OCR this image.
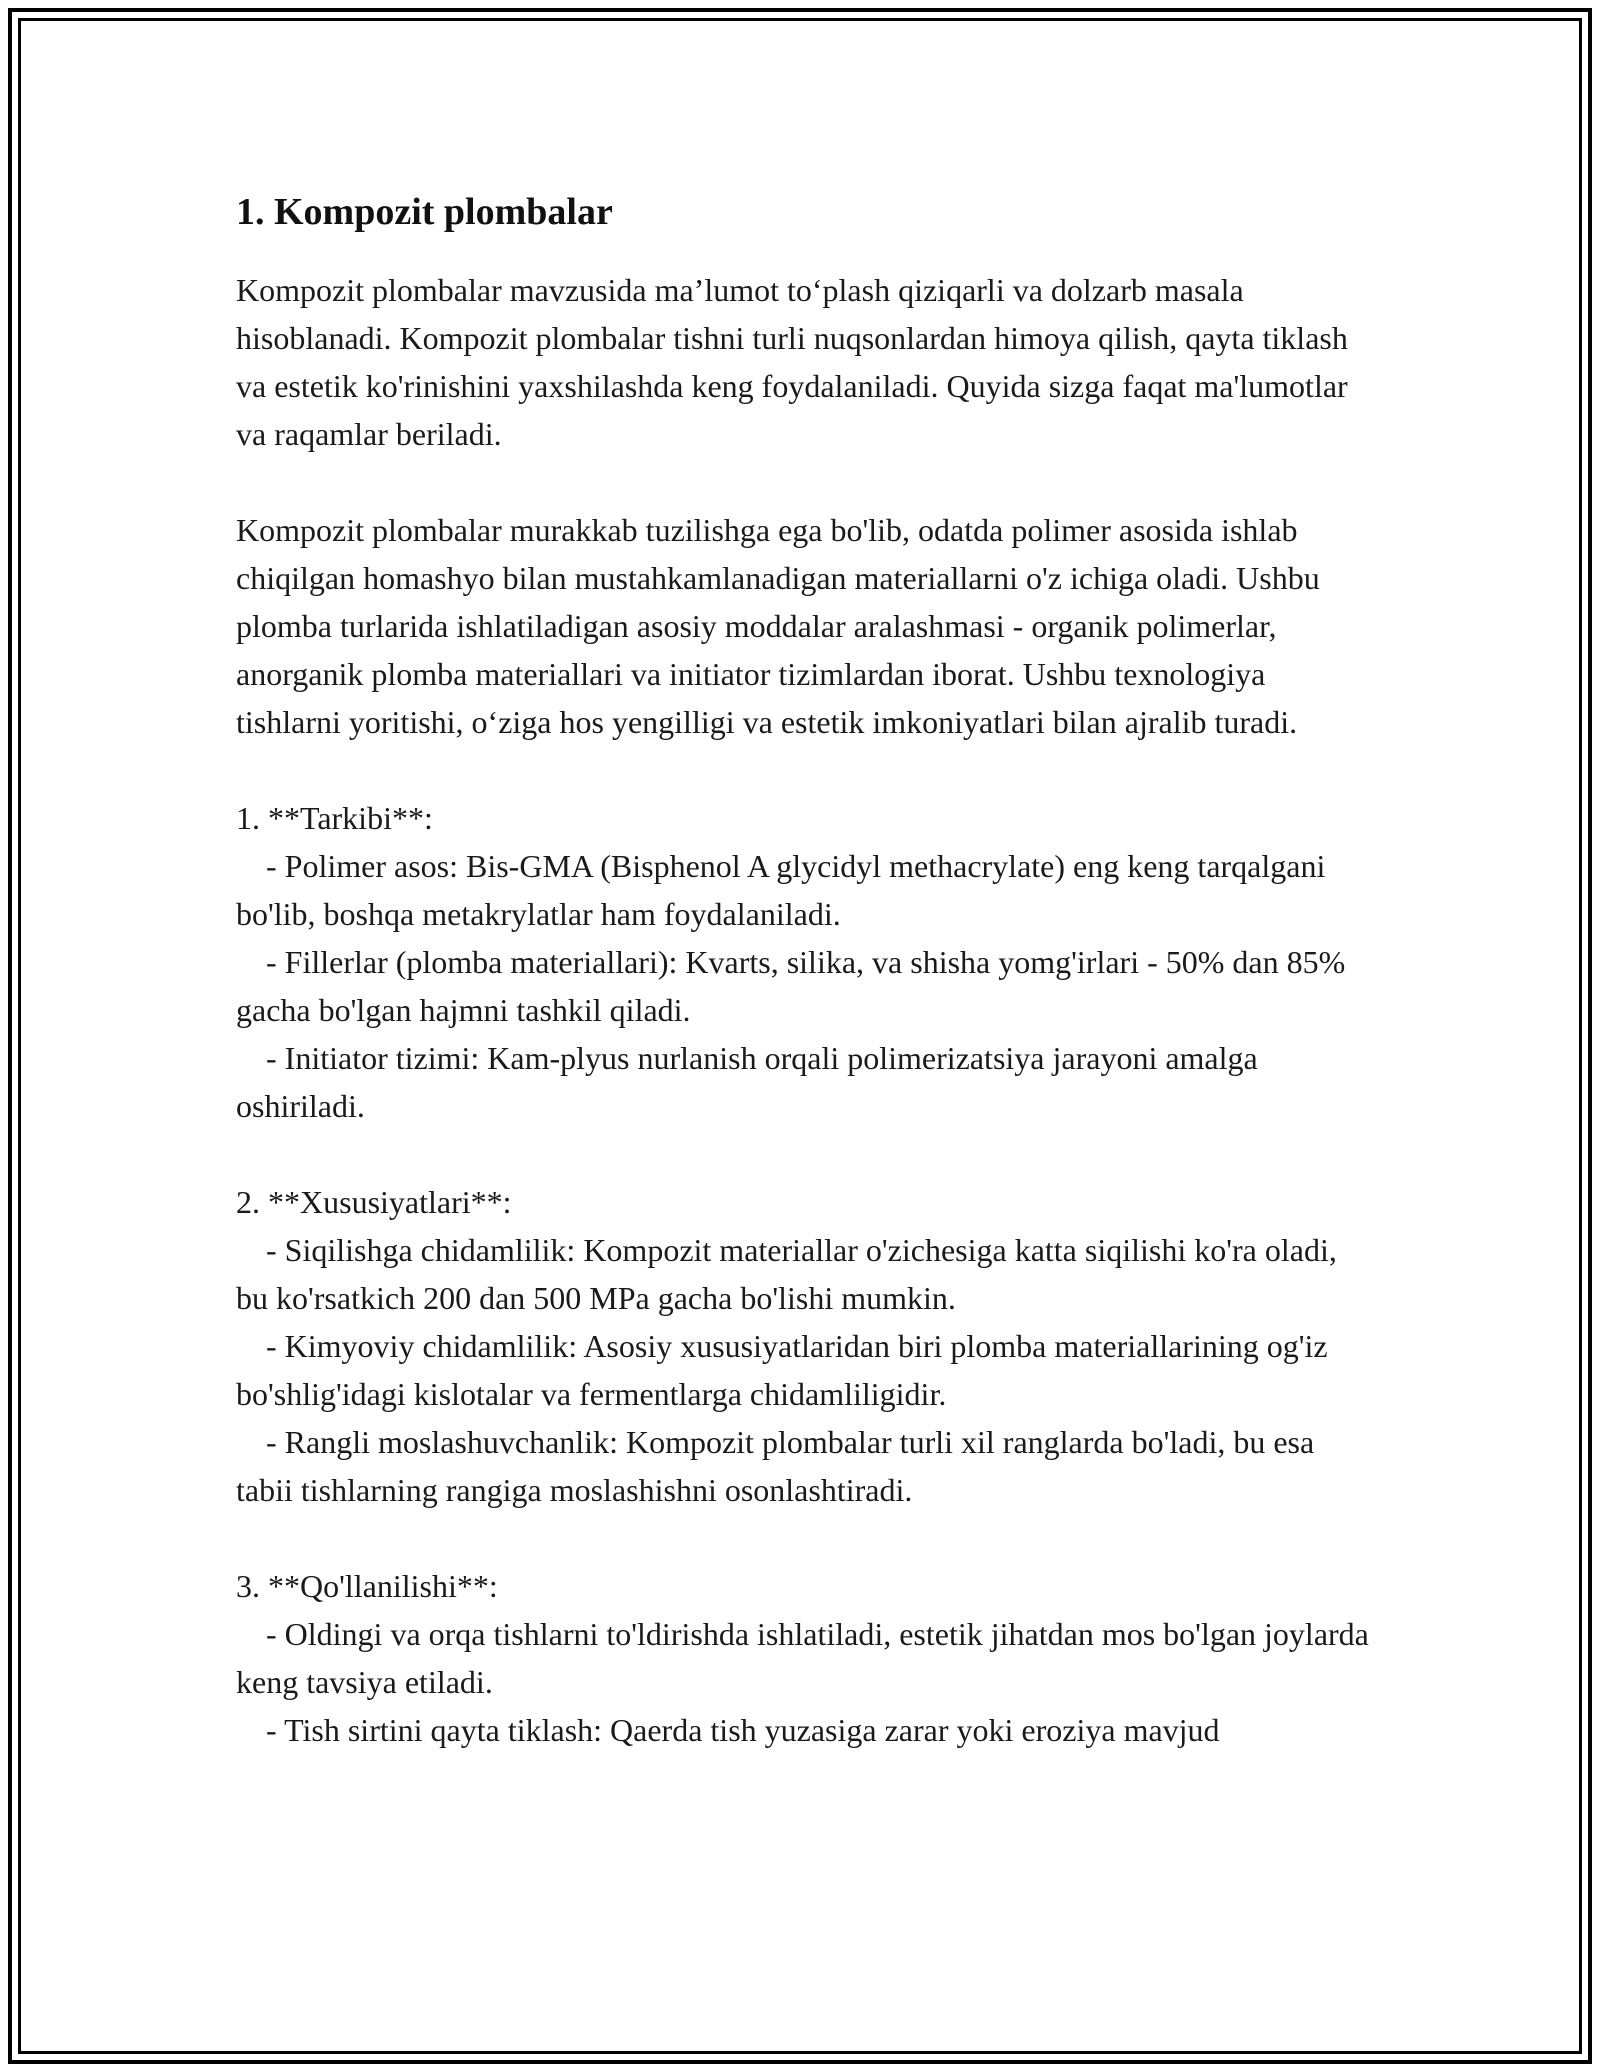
1. Kompozit plombalar

Kompozit plombalar mavzusida ma’lumot to‘plash qiziqarli va dolzarb masala hisoblanadi. Kompozit plombalar tishni turli nuqsonlardan himoya qilish, qayta tiklash va estetik ko'rinishini yaxshilashda keng foydalaniladi. Quyida sizga faqat ma'lumotlar va raqamlar beriladi.

Kompozit plombalar murakkab tuzilishga ega bo'lib, odatda polimer asosida ishlab chiqilgan homashyo bilan mustahkamlanadigan materiallarni o'z ichiga oladi. Ushbu plomba turlarida ishlatiladigan asosiy moddalar aralashmasi - organik polimerlar, anorganik plomba materiallari va initiator tizimlardan iborat. Ushbu texnologiya tishlarni yoritishi, o‘ziga hos yengilligi va estetik imkoniyatlari bilan ajralib turadi.

1. **Tarkibi**:
- Polimer asos: Bis-GMA (Bisphenol A glycidyl methacrylate) eng keng tarqalgani bo'lib, boshqa metakrylatlar ham foydalaniladi.
- Fillerlar (plomba materiallari): Kvarts, silika, va shisha yomg'irlari - 50% dan 85% gacha bo'lgan hajmni tashkil qiladi.
- Initiator tizimi: Kam-plyus nurlanish orqali polimerizatsiya jarayoni amalga oshiriladi.
2. **Xususiyatlari**:
- Siqilishga chidamlilik: Kompozit materiallar o'zichesiga katta siqilishi ko'ra oladi, bu ko'rsatkich 200 dan 500 MPa gacha bo'lishi mumkin.
- Kimyoviy chidamlilik: Asosiy xususiyatlaridan biri plomba materiallarining og'iz bo'shlig'idagi kislotalar va fermentlarga chidamliligidir.
- Rangli moslashuvchanlik: Kompozit plombalar turli xil ranglarda bo'ladi, bu esa tabii tishlarning rangiga moslashishni osonlashtiradi.
3. **Qo'llanilishi**:
- Oldingi va orqa tishlarni to'ldirishda ishlatiladi, estetik jihatdan mos bo'lgan joylarda keng tavsiya etiladi.
- Tish sirtini qayta tiklash: Qaerda tish yuzasiga zarar yoki eroziya mavjud
